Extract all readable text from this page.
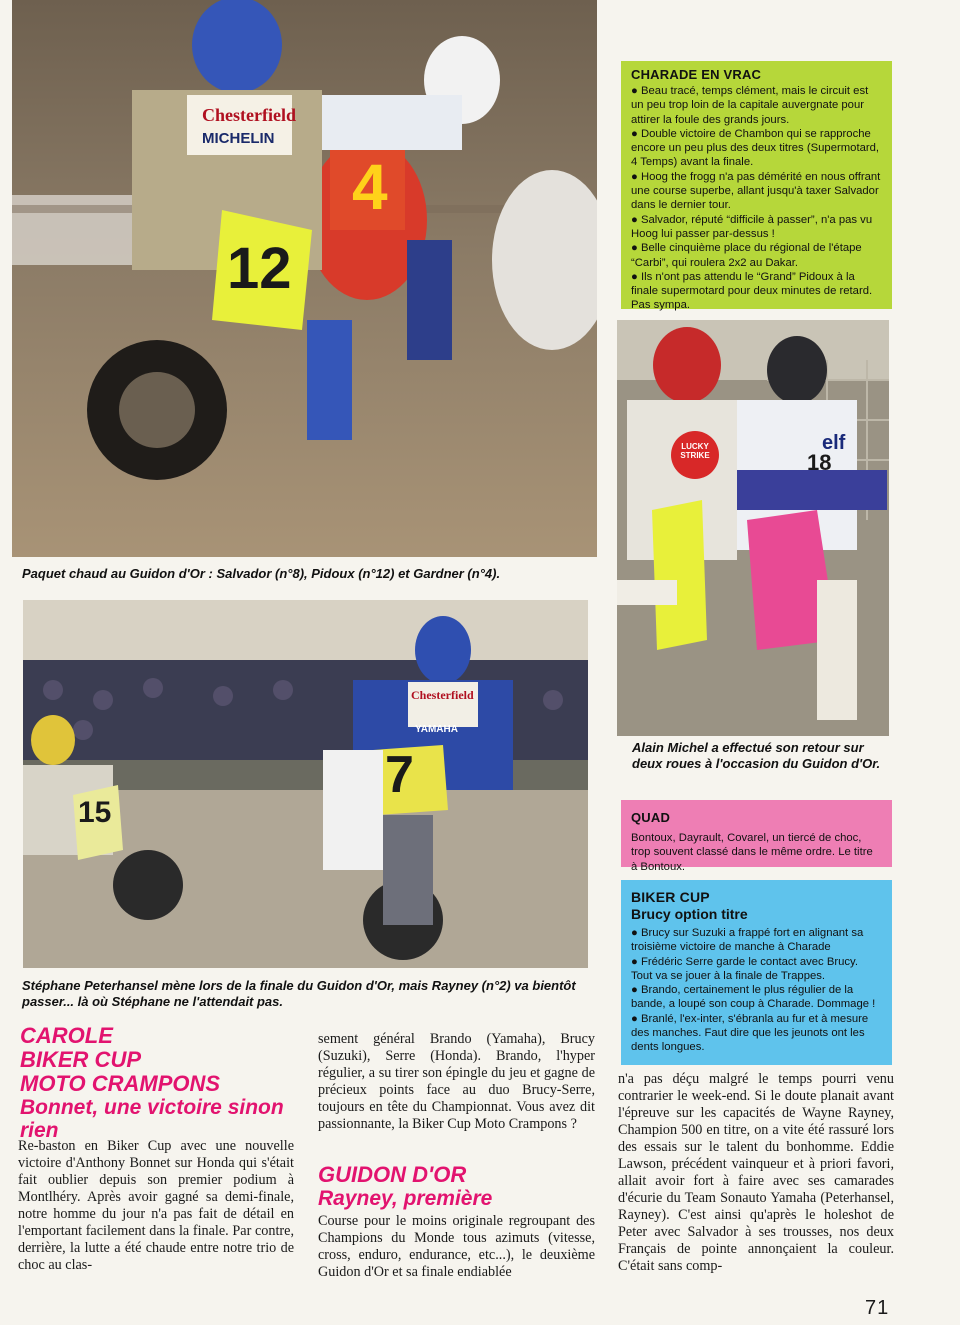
12
4
Chesterfield
MICHELIN
Paquet chaud au Guidon d'Or : Salvador (n°8), Pidoux (n°12) et Gardner (n°4).
CHARADE EN VRAC

● Beau tracé, temps clément, mais le circuit est un peu trop loin de la capitale auvergnate pour attirer la foule des grands jours.

● Double victoire de Chambon qui se rapproche encore un peu plus des deux titres (Supermotard, 4 Temps) avant la finale.

● Hoog the frogg n'a pas démérité en nous offrant une course superbe, allant jusqu'à taxer Salvador dans le dernier tour.

● Salvador, réputé “difficile à passer”, n'a pas vu Hoog lui passer par-dessus !

● Belle cinquième place du régional de l'étape “Carbi”, qui roulera 2x2 au Dakar.

● Ils n'ont pas attendu le “Grand” Pidoux à la finale supermotard pour deux minutes de retard. Pas sympa.

18
LUCKY STRIKE
elf
Alain Michel a effectué son retour sur deux roues à l'occasion du Guidon d'Or.
7
15
Chesterfield
YAMAHA
Stéphane Peterhansel mène lors de la finale du Guidon d'Or, mais Rayney (n°2) va bientôt passer... là où Stéphane ne l'attendait pas.
QUAD
Bontoux, Dayrault, Covarel, un tiercé de choc, trop souvent classé dans le même ordre. Le titre à Bontoux.
BIKER CUP
Brucy option titre

● Brucy sur Suzuki a frappé fort en alignant sa troisième victoire de manche à Charade

● Frédéric Serre garde le contact avec Brucy. Tout va se jouer à la finale de Trappes.

● Brando, certainement le plus régulier de la bande, a loupé son coup à Charade. Dommage !

● Branlé, l'ex-inter, s'ébranla au fur et à mesure des manches. Faut dire que les jeunots ont les dents longues.

CAROLE

BIKER CUP

MOTO CRAMPONS

Bonnet, une victoire sinon rien

Re-baston en Biker Cup avec une nouvelle victoire d'Anthony Bonnet sur Honda qui s'était fait oublier depuis son premier podium à Montlhéry. Après avoir gagné sa demi-finale, notre homme du jour n'a pas fait de détail en l'emportant facilement dans la finale. Par contre, derrière, la lutte a été chaude entre notre trio de choc au clas-

sement général Brando (Yamaha), Brucy (Suzuki), Serre (Honda). Brando, l'hyper régulier, a su tirer son épingle du jeu et gagne de précieux points face au duo Brucy-Serre, toujours en tête du Championnat. Vous avez dit passionnante, la Biker Cup Moto Crampons ?

GUIDON D'OR

Rayney, première

Course pour le moins originale regroupant des Champions du Monde tous azimuts (vitesse, cross, enduro, endurance, etc...), le deuxième Guidon d'Or et sa finale endiablée

n'a pas déçu malgré le temps pourri venu contrarier le week-end. Si le doute planait avant l'épreuve sur les capacités de Wayne Rayney, Champion 500 en titre, on a vite été rassuré lors des essais sur le talent du bonhomme. Eddie Lawson, précédent vainqueur et à priori favori, allait avoir fort à faire avec ses camarades d'écurie du Team Sonauto Yamaha (Peterhansel, Rayney). C'est ainsi qu'après le holeshot de Peter avec Salvador à ses trousses, nos deux Français de pointe annonçaient la couleur. C'était sans comp-

71
